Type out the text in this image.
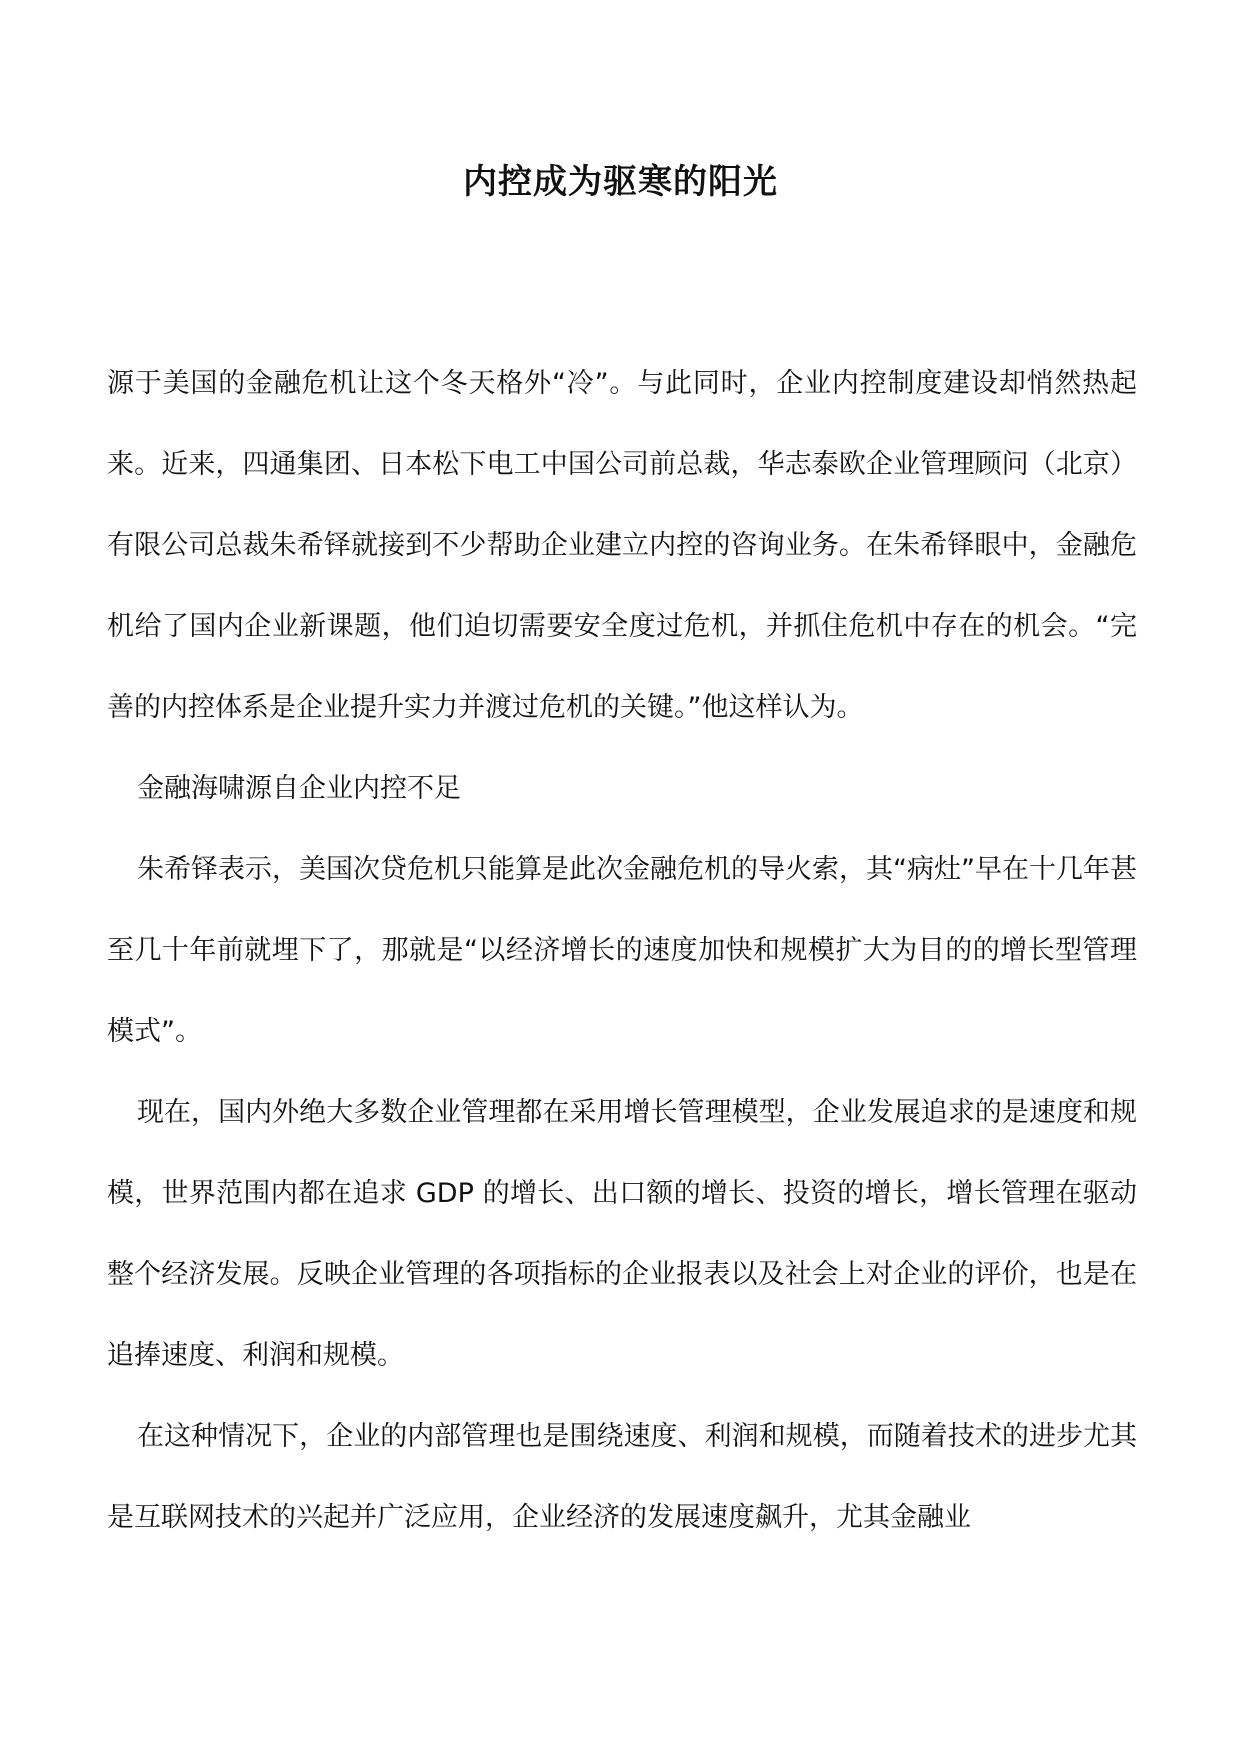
内控成为驱寒的阳光

源于美国的金融危机让这个冬天格外“冷”。与此同时，企业内控制度建设却悄然热起来。近来，四通集团、日本松下电工中国公司前总裁，华志泰欧企业管理顾问（北京）有限公司总裁朱希铎就接到不少帮助企业建立内控的咨询业务。在朱希铎眼中，金融危机给了国内企业新课题，他们迫切需要安全度过危机，并抓住危机中存在的机会。“完善的内控体系是企业提升实力并渡过危机的关键。”他这样认为。

金融海啸源自企业内控不足

朱希铎表示，美国次贷危机只能算是此次金融危机的导火索，其“病灶”早在十几年甚至几十年前就埋下了，那就是“以经济增长的速度加快和规模扩大为目的的增长型管理模式”。

现在，国内外绝大多数企业管理都在采用增长管理模型，企业发展追求的是速度和规模，世界范围内都在追求 GDP 的增长、出口额的增长、投资的增长，增长管理在驱动整个经济发展。反映企业管理的各项指标的企业报表以及社会上对企业的评价，也是在追捧速度、利润和规模。

在这种情况下，企业的内部管理也是围绕速度、利润和规模，而随着技术的进步尤其是互联网技术的兴起并广泛应用，企业经济的发展速度飙升，尤其金融业
